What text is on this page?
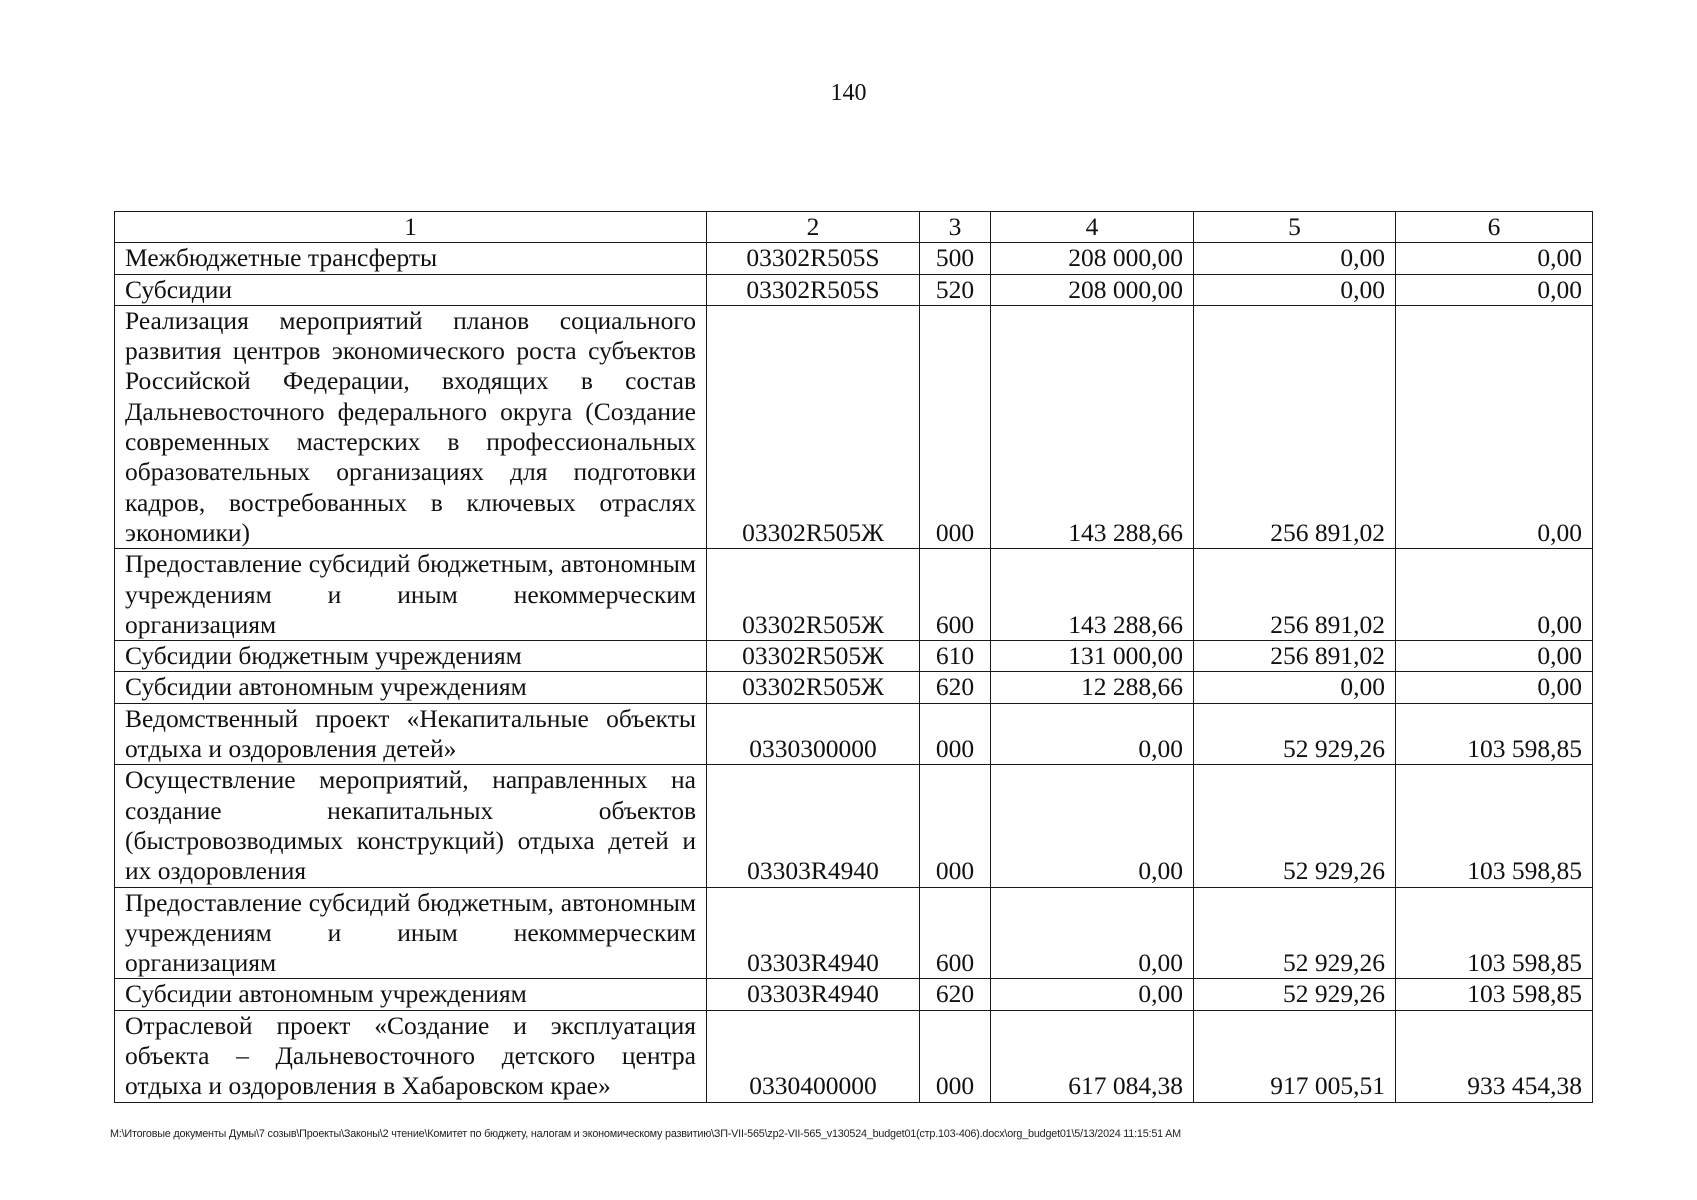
140
1	2	3	4	5	6
Межбюджетные трансферты	03302R505S	500	208 000,00	0,00	0,00
Субсидии	03302R505S	520	208 000,00	0,00	0,00
Реализация мероприятий планов социального развития центров экономического роста субъектов Российской Федерации, входящих в состав Дальневосточного федерального округа (Создание современных мастерских в профессиональных образовательных организациях для подготовки кадров, востребованных в ключевых отраслях экономики)	03302R505Ж	000	143 288,66	256 891,02	0,00
Предоставление субсидий бюджетным, автономным учреждениям и иным некоммерческим организациям	03302R505Ж	600	143 288,66	256 891,02	0,00
Субсидии бюджетным учреждениям	03302R505Ж	610	131 000,00	256 891,02	0,00
Субсидии автономным учреждениям	03302R505Ж	620	12 288,66	0,00	0,00
Ведомственный проект «Некапитальные объекты отдыха и оздоровления детей»	0330300000	000	0,00	52 929,26	103 598,85
Осуществление мероприятий, направленных на создание некапитальных объектов (быстровозводимых конструкций) отдыха детей и их оздоровления	03303R4940	000	0,00	52 929,26	103 598,85
Предоставление субсидий бюджетным, автономным учреждениям и иным некоммерческим организациям	03303R4940	600	0,00	52 929,26	103 598,85
Субсидии автономным учреждениям	03303R4940	620	0,00	52 929,26	103 598,85
Отраслевой проект «Создание и эксплуатация объекта – Дальневосточного детского центра отдыха и оздоровления в Хабаровском крае»	0330400000	000	617 084,38	917 005,51	933 454,38
M:\Итоговые документы Думы\7 созыв\Проекты\Законы\2 чтение\Комитет по бюджету, налогам и экономическому развитию\ЗП-VII-565\zp2-VII-565_v130524_budget01(стр.103-406).docx\org_budget01\5/13/2024 11:15:51 AM
